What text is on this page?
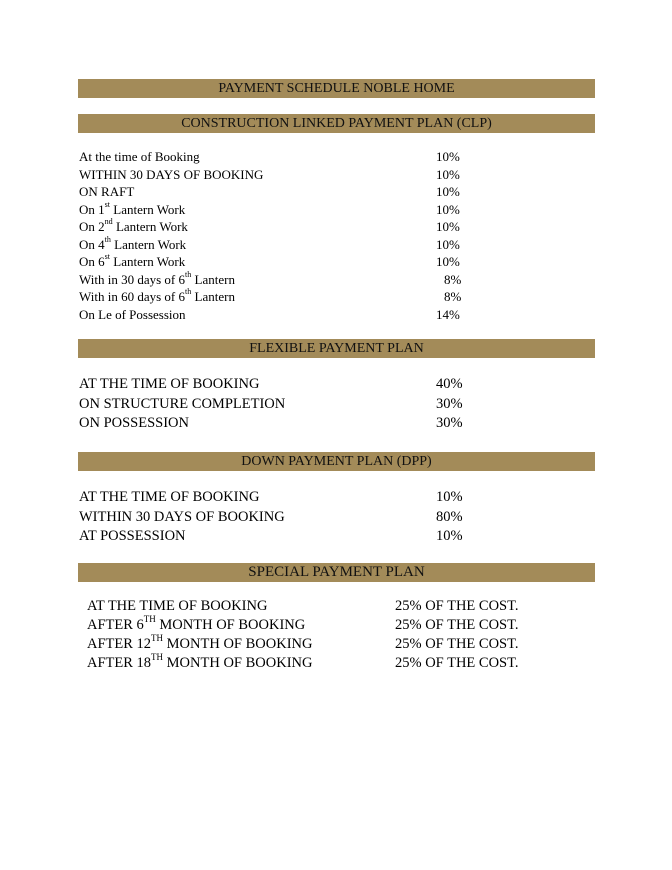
PAYMENT SCHEDULE NOBLE HOME
CONSTRUCTION LINKED PAYMENT PLAN (CLP)
At the time of Booking	10%
WITHIN 30 DAYS OF BOOKING	10%
ON RAFT	10%
On 1st Lantern Work	10%
On 2nd Lantern Work	10%
On 4th Lantern Work	10%
On 6st Lantern Work	10%
With in 30 days of 6th Lantern	8%
With in 60 days of 6th Lantern	8%
On Le of Possession	14%
FLEXIBLE PAYMENT PLAN
AT THE TIME OF BOOKING	40%
ON STRUCTURE COMPLETION	30%
ON POSSESSION	30%
DOWN PAYMENT PLAN (DPP)
AT THE TIME OF BOOKING	10%
WITHIN 30 DAYS OF BOOKING	80%
AT POSSESSION	10%
SPECIAL PAYMENT PLAN
AT THE TIME OF BOOKING	25% OF THE COST.
AFTER 6TH MONTH OF BOOKING	25% OF THE COST.
AFTER 12TH MONTH OF BOOKING	25% OF THE COST.
AFTER 18TH MONTH OF BOOKING	25% OF THE COST.
